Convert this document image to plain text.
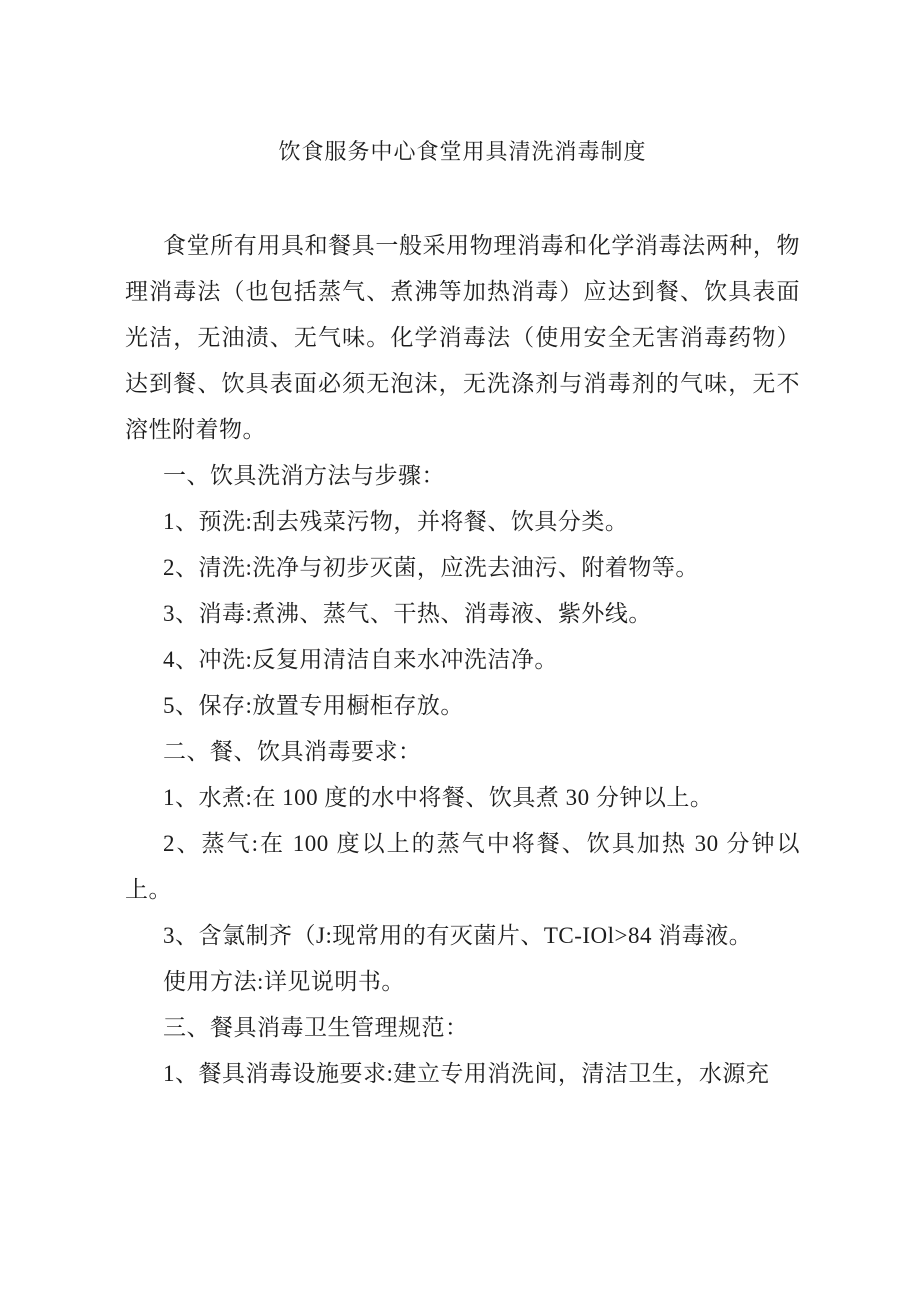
饮食服务中心食堂用具清洗消毒制度

食堂所有用具和餐具一般采用物理消毒和化学消毒法两种，物理消毒法（也包括蒸气、煮沸等加热消毒）应达到餐、饮具表面光洁，无油渍、无气味。化学消毒法（使用安全无害消毒药物）达到餐、饮具表面必须无泡沫，无洗涤剂与消毒剂的气味，无不溶性附着物。

一、饮具洗消方法与步骤：

1、预洗:刮去残菜污物，并将餐、饮具分类。

2、清洗:洗净与初步灭菌，应洗去油污、附着物等。

3、消毒:煮沸、蒸气、干热、消毒液、紫外线。

4、冲洗:反复用清洁自来水冲洗洁净。

5、保存:放置专用橱柜存放。

二、餐、饮具消毒要求：

1、水煮:在 100 度的水中将餐、饮具煮 30 分钟以上。

2、蒸气:在 100 度以上的蒸气中将餐、饮具加热 30 分钟以上。

3、含氯制齐（J:现常用的有灭菌片、TC-IOl>84 消毒液。

使用方法:详见说明书。

三、餐具消毒卫生管理规范：

1、餐具消毒设施要求:建立专用消洗间，清洁卫生，水源充
